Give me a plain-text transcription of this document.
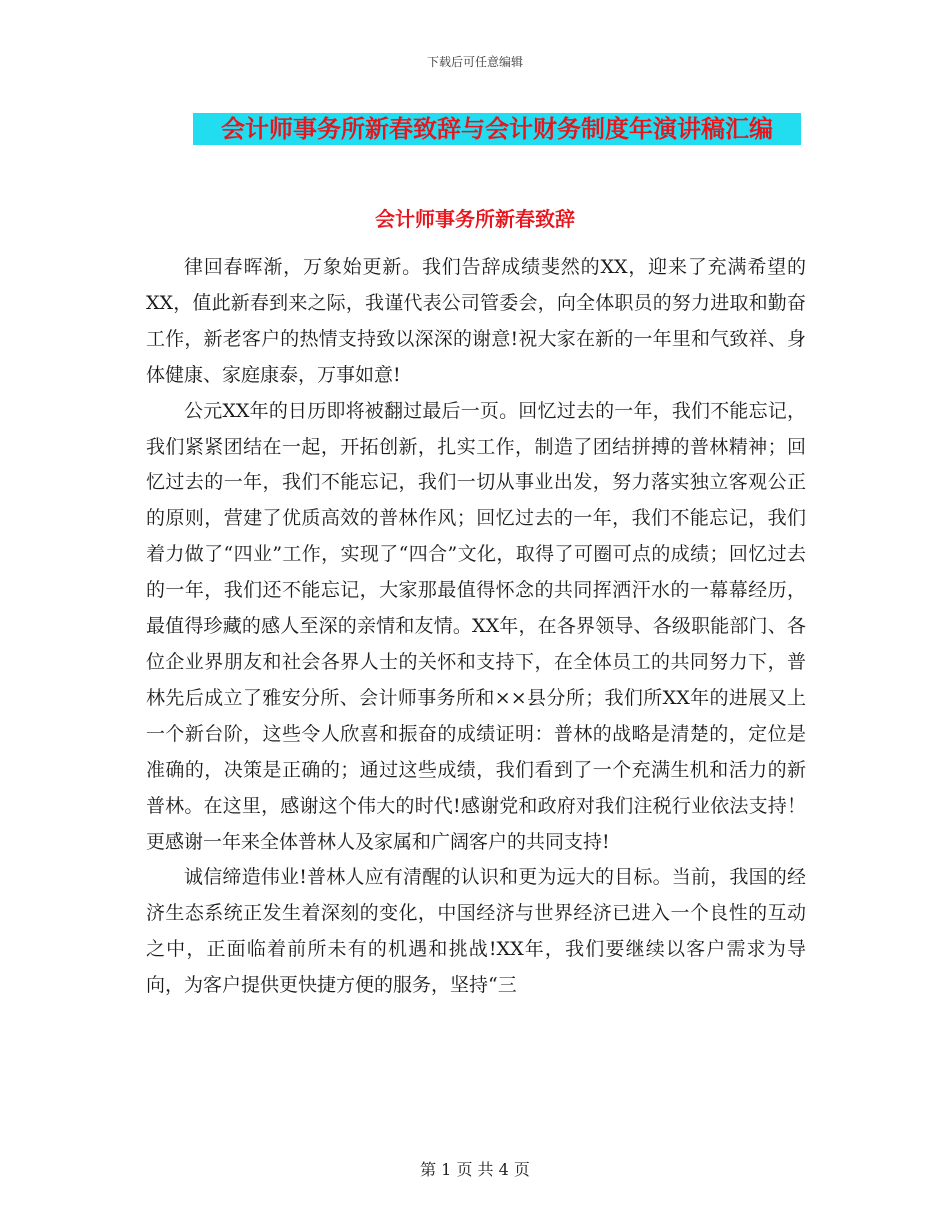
下载后可任意编辑
会计师事务所新春致辞与会计财务制度年演讲稿汇编
会计师事务所新春致辞

律回春晖渐，万象始更新。我们告辞成绩斐然的XX，迎来了充满希望的XX，值此新春到来之际，我谨代表公司管委会，向全体职员的努力进取和勤奋工作，新老客户的热情支持致以深深的谢意!祝大家在新的一年里和气致祥、身体健康、家庭康泰，万事如意!

公元XX年的日历即将被翻过最后一页。回忆过去的一年，我们不能忘记，我们紧紧团结在一起，开拓创新，扎实工作，制造了团结拼搏的普林精神；回忆过去的一年，我们不能忘记，我们一切从事业出发，努力落实独立客观公正的原则，营建了优质高效的普林作风；回忆过去的一年，我们不能忘记，我们着力做了“四业”工作，实现了“四合”文化，取得了可圈可点的成绩；回忆过去的一年，我们还不能忘记，大家那最值得怀念的共同挥洒汗水的一幕幕经历，最值得珍藏的感人至深的亲情和友情。XX年，在各界领导、各级职能部门、各位企业界朋友和社会各界人士的关怀和支持下，在全体员工的共同努力下，普林先后成立了雅安分所、会计师事务所和××县分所；我们所XX年的进展又上一个新台阶，这些令人欣喜和振奋的成绩证明：普林的战略是清楚的，定位是准确的，决策是正确的；通过这些成绩，我们看到了一个充满生机和活力的新普林。在这里，感谢这个伟大的时代!感谢党和政府对我们注税行业依法支持！更感谢一年来全体普林人及家属和广阔客户的共同支持!

诚信缔造伟业!普林人应有清醒的认识和更为远大的目标。当前，我国的经济生态系统正发生着深刻的变化，中国经济与世界经济已进入一个良性的互动之中，正面临着前所未有的机遇和挑战!XX年，我们要继续以客户需求为导向，为客户提供更快捷方便的服务，坚持“三

第 1 页 共 4 页
